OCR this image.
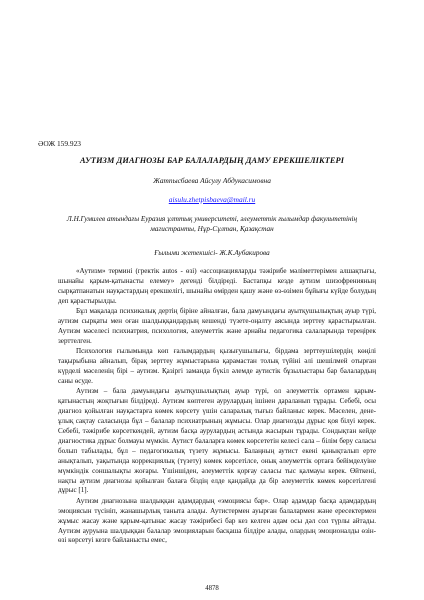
ӘОЖ 159.923
АУТИЗМ ДИАГНОЗЫ БАР БАЛАЛАРДЫҢ ДАМУ ЕРЕКШЕЛІКТЕРІ
Жатпысбаева Айсулу Абдукасимовна
aisulu.zhetpisbaeva@mail.ru
Л.Н.Гумилев атындағы Еуразия ұлттық университеті, әлеуметтік ғылымдар факультетінің магистранты, Нұр-Сұлтан, Қазақстан
Ғылыми жетекшісі- Ж.К.Аубакирова

«Аутизм» термині (гректік autos - өзі) «ассоциацияларды тәжірибе мәліметтерімен алшақтығы, шынайы қарым-қатынасты елемеу» дегенді білдіреді. Бастапқы кезде аутизм шизофренияның сырқатпанатын науқастардың ерекшелігі, шынайы өмірден қашу және өз-өзімен бұйығы күйде болудың деп қарастырылды.

Бұл мақалада психикалық дертің біріне айналған, бала дамуындағы ауытқушылықтың ауыр түрі, аутизм сырқаты мен оған шалдыққандардың кешенді түзете-оңалту аясында зерттеу қарастырылған. Аутизм мәселесі психиатрия, психология, әлеуметтік және арнайы педагогика салаларында тереңірек зерттелген.

Психология ғылымында көп ғалымдардың қызығушылығы, бірдама зерттеушілердің көңілі тақырыбына айналып, бірақ зерттеу жұмыстарына қарамастан толық түйіні әлі шешілмей отырған күрделі мәселенің бірі – аутизм. Қазіргі заманда бүкіл әлемде аутистік бұзылыстары бар балалардың саны өсуде.

Аутизм – бала дамуындағы ауытқушылықтың ауыр түрі, ол әлеуметтік ортамен қарым-қатынастың жоқтығын білдіреді. Аутизм көптеген аурулардың ішінен дараланып тұрады. Себебі, осы диагноз қойылған науқастарға көмек көрсету үшін саларалық тығыз байланыс керек. Мәселен, дене-ұлық сақтау саласында бұл – балалар психиатрының жұмысы. Олар диагнозды дұрыс қоя білуі керек. Себебі, тәжірибе көрсеткендей, аутизм басқа аурулардың астында жасырын тұрады. Сондықтан кейде диагностика дұрыс болмауы мүмкін. Аутист балаларға көмек көрсететін келесі сала – білім беру саласы болып табылады, бұл – педагогикалық түзету жұмысы. Балаңның аутист екені қанықталып ерте анықталып, уақытында коррекциялық (түзету) көмек көрсетілсе, онық әлеуметтік ортаға бейімделуіне мүмкіндік соншалықты жоғары. Үшіншіден, әлеуметтік қорғау саласы тыс қалмауы керек. Өйткені, нақты аутизм диагнозы қойылған балаға біздің елде қандайда да бір әлеуметтік көмек көрсетілгені дұрыс [1].

Аутизм диагнозына шалдыққан адамдардың «эмоциясы бар». Олар адамдар басқа адамдардың эмоциясын түсініп, жанашырлық таныта алады. Аутистермен ауырған балалармен және ересектермен жұмыс жасау және қарым-қатынас жасау тәжірибесі бар кез келген адам осы дәл сол түрлы айтады. Аутизм ауруына шалдыққан балалар эмоцияларын басқаша білдіре алады, олардың эмоционалды өзін-өзі көрсетуі кезге байланысты емес,

4878
